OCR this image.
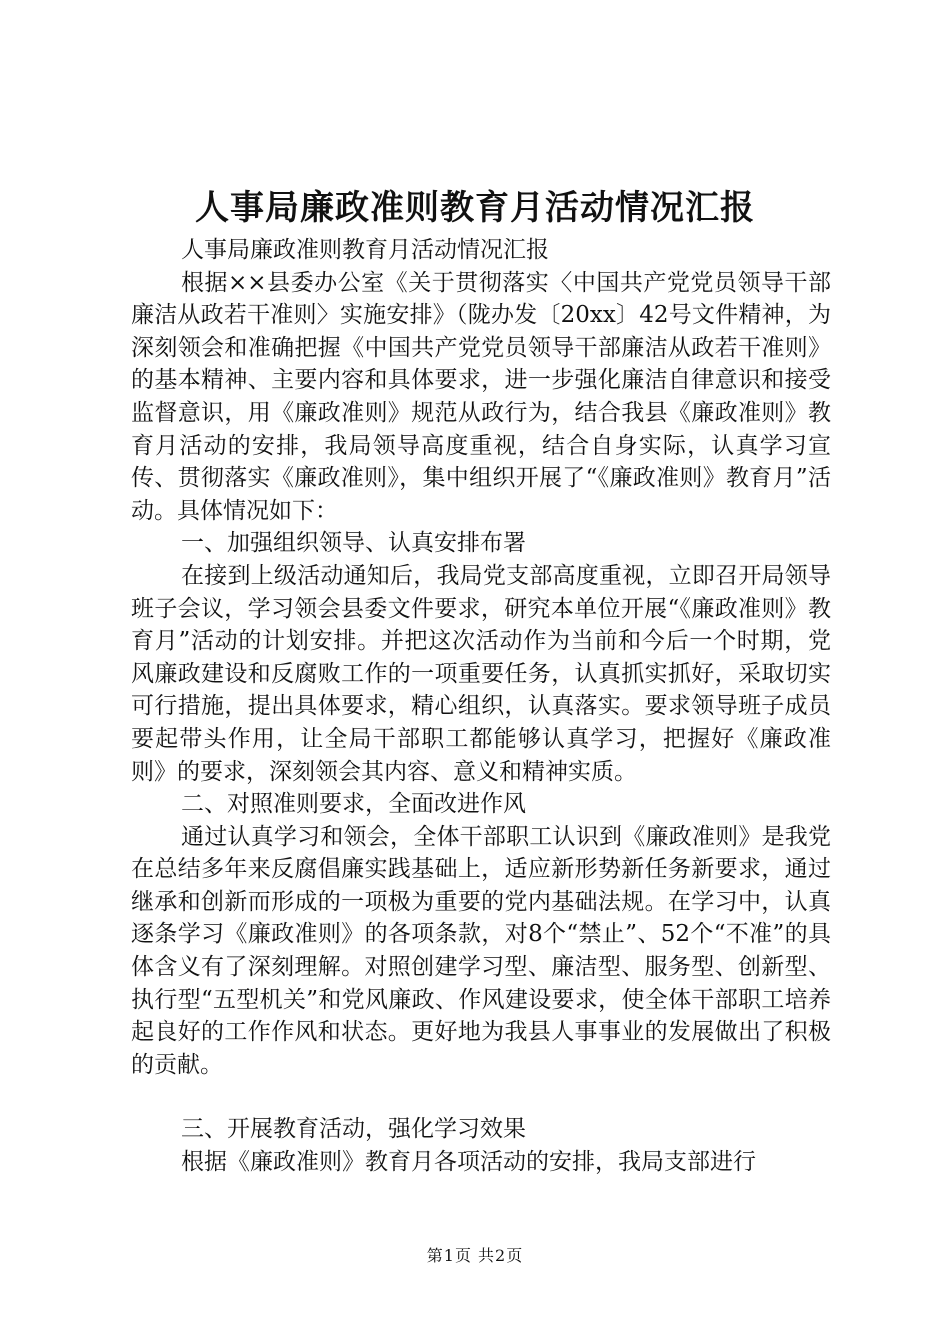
人事局廉政准则教育月活动情况汇报

人事局廉政准则教育月活动情况汇报

根据××县委办公室《关于贯彻落实〈中国共产党党员领导干部廉洁从政若干准则〉实施安排》（陇办发〔20xx〕42号文件精神，为深刻领会和准确把握《中国共产党党员领导干部廉洁从政若干准则》的基本精神、主要内容和具体要求，进一步强化廉洁自律意识和接受监督意识，用《廉政准则》规范从政行为，结合我县《廉政准则》教育月活动的安排，我局领导高度重视，结合自身实际，认真学习宣传、贯彻落实《廉政准则》，集中组织开展了“《廉政准则》教育月”活动。具体情况如下：

一、加强组织领导、认真安排布署

在接到上级活动通知后，我局党支部高度重视，立即召开局领导班子会议，学习领会县委文件要求，研究本单位开展“《廉政准则》教育月”活动的计划安排。并把这次活动作为当前和今后一个时期，党风廉政建设和反腐败工作的一项重要任务，认真抓实抓好，采取切实可行措施，提出具体要求，精心组织，认真落实。要求领导班子成员要起带头作用，让全局干部职工都能够认真学习，把握好《廉政准则》的要求，深刻领会其内容、意义和精神实质。

二、对照准则要求，全面改进作风

通过认真学习和领会，全体干部职工认识到《廉政准则》是我党在总结多年来反腐倡廉实践基础上，适应新形势新任务新要求，通过继承和创新而形成的一项极为重要的党内基础法规。在学习中，认真逐条学习《廉政准则》的各项条款，对8个“禁止”、52个“不准”的具体含义有了深刻理解。对照创建学习型、廉洁型、服务型、创新型、执行型“五型机关”和党风廉政、作风建设要求，使全体干部职工培养起良好的工作作风和状态。更好地为我县人事事业的发展做出了积极的贡献。

三、开展教育活动，强化学习效果

根据《廉政准则》教育月各项活动的安排，我局支部进行

第1页 共2页
